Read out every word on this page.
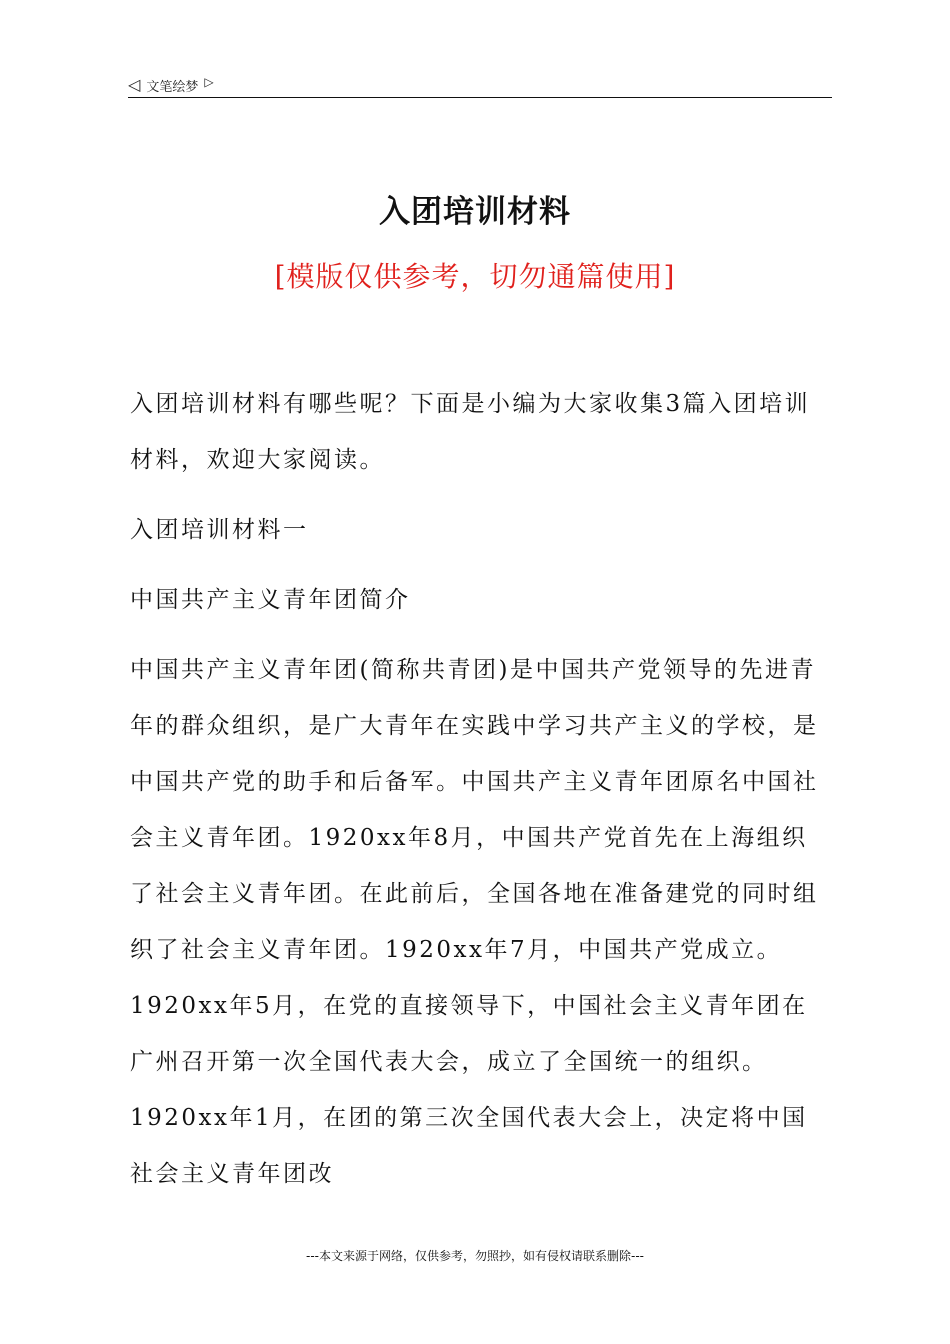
◁ 文笔绘梦 ▷
入团培训材料
[模版仅供参考，切勿通篇使用]

入团培训材料有哪些呢？下面是小编为大家收集3篇入团培训材料，欢迎大家阅读。

入团培训材料一

中国共产主义青年团简介

中国共产主义青年团(简称共青团)是中国共产党领导的先进青年的群众组织，是广大青年在实践中学习共产主义的学校，是中国共产党的助手和后备军。中国共产主义青年团原名中国社会主义青年团。1920xx年8月，中国共产党首先在上海组织了社会主义青年团。在此前后，全国各地在准备建党的同时组织了社会主义青年团。1920xx年7月，中国共产党成立。1920xx年5月，在党的直接领导下，中国社会主义青年团在广州召开第一次全国代表大会，成立了全国统一的组织。1920xx年1月，在团的第三次全国代表大会上，决定将中国社会主义青年团改

---本文来源于网络，仅供参考，勿照抄，如有侵权请联系删除---
